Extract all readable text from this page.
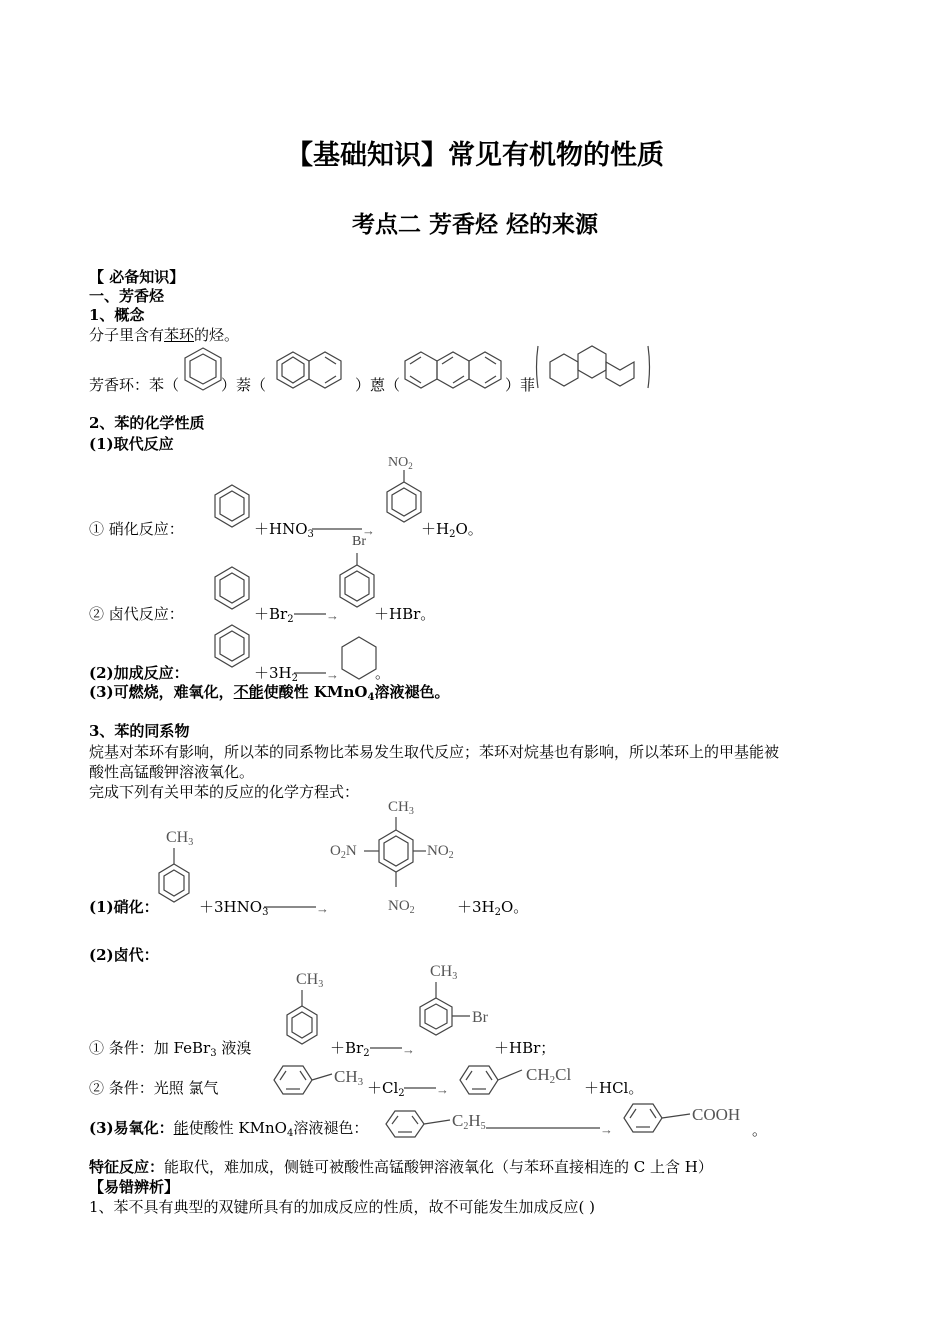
【基础知识】常见有机物的性质
考点二 芳香烃 烃的来源
【 必备知识】
一、芳香烃
1、概念
分子里含有苯环的烃。
芳香环：苯（	）萘（	）蒽（	）菲
2、苯的化学性质
(1)取代反应
$NO_2$
① 硝化反应：	$+HNO_3$	→	$+H_2O$。
Br
② 卤代反应：	$+Br_2 \to +HBr$。
(2)加成反应：	$+3H_2$ → 。
(3)可燃烧，难氧化，不能使酸性 KMnO$_4$溶液褪色。
3、苯的同系物
烷基对苯环有影响，所以苯的同系物比苯易发生取代反应；苯环对烷基也有影响，所以苯环上的甲基能被
酸性高锰酸钾溶液氧化。
完成下列有关甲苯的反应的化学方程式：
CH3
$CH_3$
$O_2N$	$NO_2$
$NO_2$
(1)硝化：	$+3HNO_3$	→	$+3H_2O$。
(2)卤代：
CH3
CH3
Br
① 条件：加 FeBr$_3$ 液溴	$+Br_2$ →	＋HBr；
② 条件：光照 氯气
$CH3 +Cl_2$ →
CH2Cl
＋HCl。
(3)易氧化：能使酸性 KMnO$_4$溶液褪色：	C2H5	→
COOH
。
特征反应：能取代，难加成，侧链可被酸性高锰酸钾溶液氧化（与苯环直接相连的 C 上含 H）
【易错辨析】
1、苯不具有典型的双键所具有的加成反应的性质，故不可能发生加成反应( )
